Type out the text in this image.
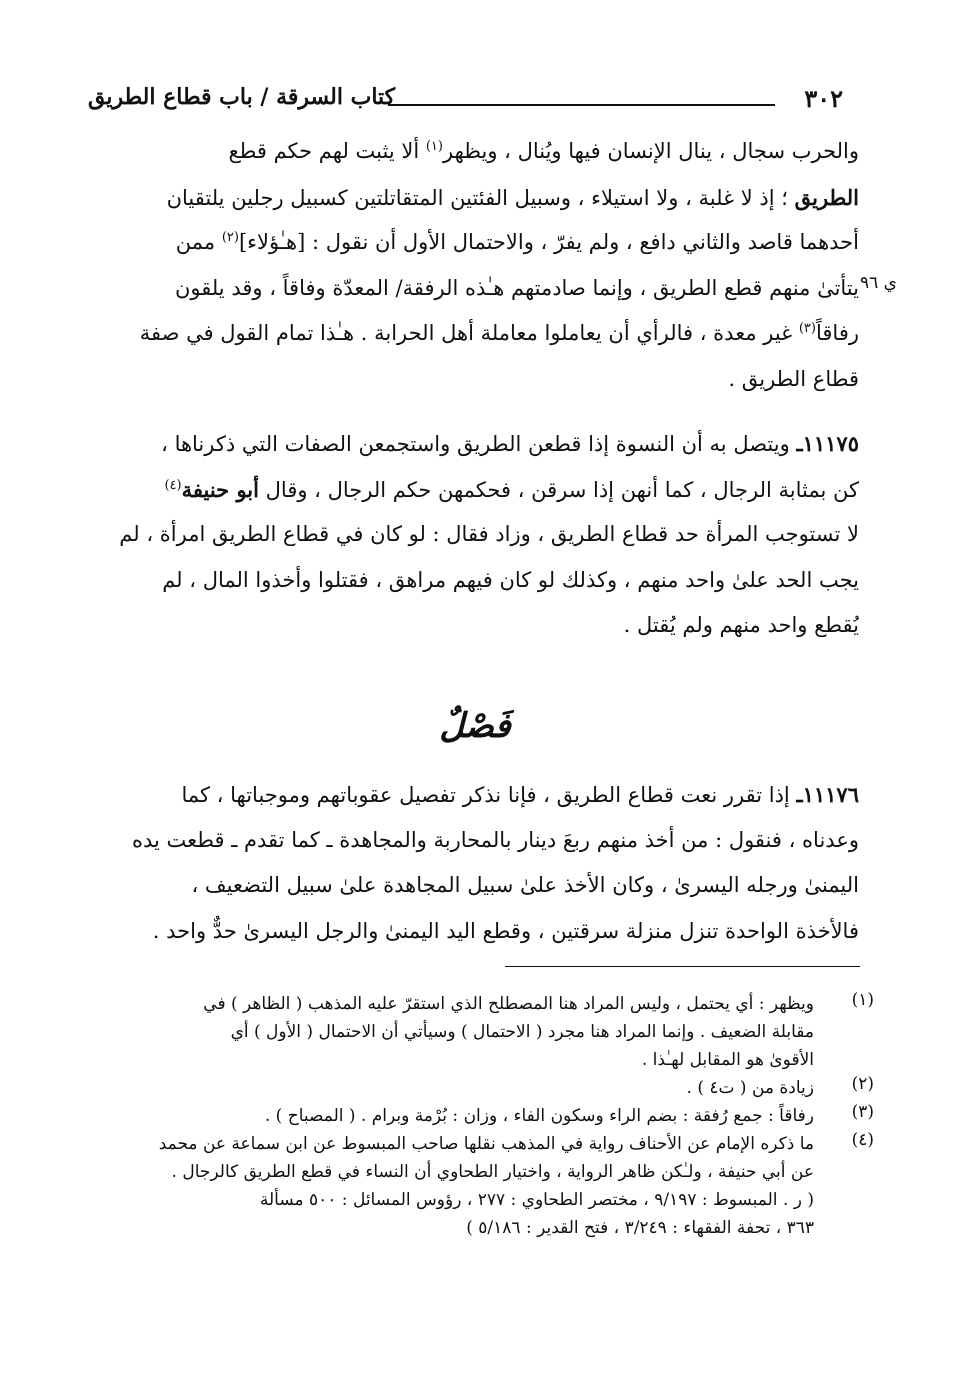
٣٠٢
كتاب السرقة / باب قطاع الطريق
والحرب سجال ، ينال الإنسان فيها ويُنال ، ويظهر$^{(١)}$ ألا يثبت لهم حكم قطع
الطريق ؛ إذ لا غلبة ، ولا استيلاء ، وسبيل الفئتين المتقاتلتين كسبيل رجلين يلتقيان
أحدهما قاصد والثاني دافع ، ولم يفرّ ، والاحتمال الأول أن نقول : [هـٰؤلاء]$^{(٢)}$ ممن
يتأتىٰ منهم قطع الطريق ، وإنما صادمتهم هـٰذه الرفقة/ المعدّة وفاقاً ، وقد يلقون
رفاقاً$^{(٣)}$ غير معدة ، فالرأي أن يعاملوا معاملة أهل الحرابة . هـٰذا تمام القول في صفة
قطاع الطريق .
ي ٩٦
١١١٧٥ـ ويتصل به أن النسوة إذا قطعن الطريق واستجمعن الصفات التي ذكرناها ،
كن بمثابة الرجال ، كما أنهن إذا سرقن ، فحكمهن حكم الرجال ، وقال أبو حنيفة$^{(٤)}$
لا تستوجب المرأة حد قطاع الطريق ، وزاد فقال : لو كان في قطاع الطريق امرأة ، لم
يجب الحد علىٰ واحد منهم ، وكذلك لو كان فيهم مراهق ، فقتلوا وأخذوا المال ، لم
يُقطع واحد منهم ولم يُقتل .
فَصْلٌ
١١١٧٦ـ إذا تقرر نعت قطاع الطريق ، فإنا نذكر تفصيل عقوباتهم وموجباتها ، كما
وعدناه ، فنقول : من أخذ منهم ربعَ دينار بالمحاربة والمجاهدة ـ كما تقدم ـ قطعت يده
اليمنىٰ ورجله اليسرىٰ ، وكان الأخذ علىٰ سبيل المجاهدة علىٰ سبيل التضعيف ،
فالأخذة الواحدة تنزل منزلة سرقتين ، وقطع اليد اليمنىٰ والرجل اليسرىٰ حدٌّ واحد .
(١)
ويظهر : أي يحتمل ، وليس المراد هنا المصطلح الذي استقرّ عليه المذهب ( الظاهر ) في
مقابلة الضعيف . وإنما المراد هنا مجرد ( الاحتمال ) وسيأتي أن الاحتمال ( الأول ) أي
الأقوىٰ هو المقابل لهـٰذا .
(٢)
زيادة من ( ت٤ ) .
(٣)
رفاقاً : جمع رُفقة : بضم الراء وسكون الفاء ، وزان : بُرْمة وبرام . ( المصباح ) .
(٤)
ما ذكره الإمام عن الأحناف رواية في المذهب نقلها صاحب المبسوط عن ابن سماعة عن محمد
عن أبي حنيفة ، ولـٰكن ظاهر الرواية ، واختيار الطحاوي أن النساء في قطع الطريق كالرجال .
( ر . المبسوط : ٩/١٩٧ ، مختصر الطحاوي : ٢٧٧ ، رؤوس المسائل : ٥٠٠ مسألة
٣٦٣ ، تحفة الفقهاء : ٣/٢٤٩ ، فتح القدير : ٥/١٨٦ )
